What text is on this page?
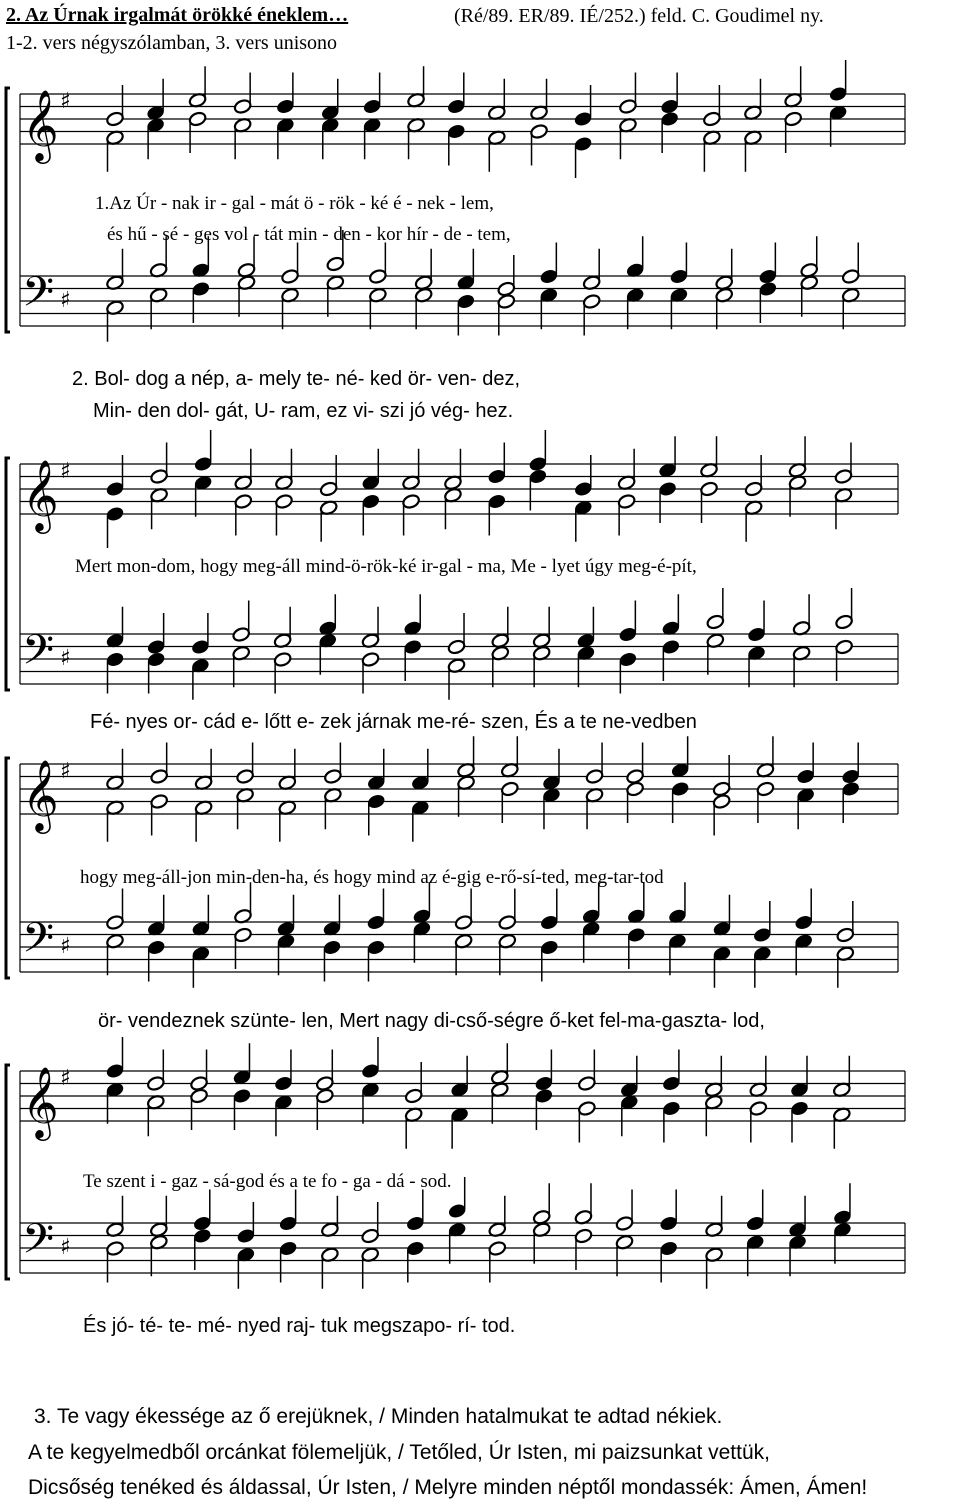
2. Az Úrnak irgalmát örökké éneklem…	(Ré/89. ER/89. IÉ/252.) feld. C. Goudimel ny.
1-2. vers négyszólamban, 3. vers unisono
𝄞
𝄢
♯
♯
1.Az Úr - nak ir - gal - mát ö - rök - ké é - nek - lem,
és hű - sé - ges vol - tát min - den - kor hír - de - tem,
2. Bol- dog a nép, a- mely te- né- ked ör- ven- dez,
Min- den dol- gát, U- ram, ez vi- szi jó vég- hez.
𝄞
𝄢
♯
♯
Mert mon-dom, hogy meg-áll mind-ö-rök-ké ir-gal - ma, Me - lyet úgy meg-é-pít,
Fé- nyes or- cád e- lőtt e- zek járnak me-ré- szen, És a te ne-vedben
𝄞
𝄢
♯
♯
hogy meg-áll-jon min-den-ha, és hogy mind az é-gig e-rő-sí-ted, meg-tar-tod
ör- vendeznek szünte- len, Mert nagy di-cső-ségre ő-ket fel-ma-gaszta- lod,
𝄞
𝄢
♯
♯
Te szent i - gaz - sá-god és a te fo - ga - dá - sod.
És jó- té- te- mé- nyed raj- tuk megszapo- rí- tod.
3. Te vagy ékessége az ő erejüknek, / Minden hatalmukat te adtad nékiek.
A te kegyelmedből orcánkat fölemeljük, / Tetőled, Úr Isten, mi paizsunkat vettük,
Dicsőség tenéked és áldassal, Úr Isten, / Melyre minden néptől mondassék: Ámen, Ámen!
